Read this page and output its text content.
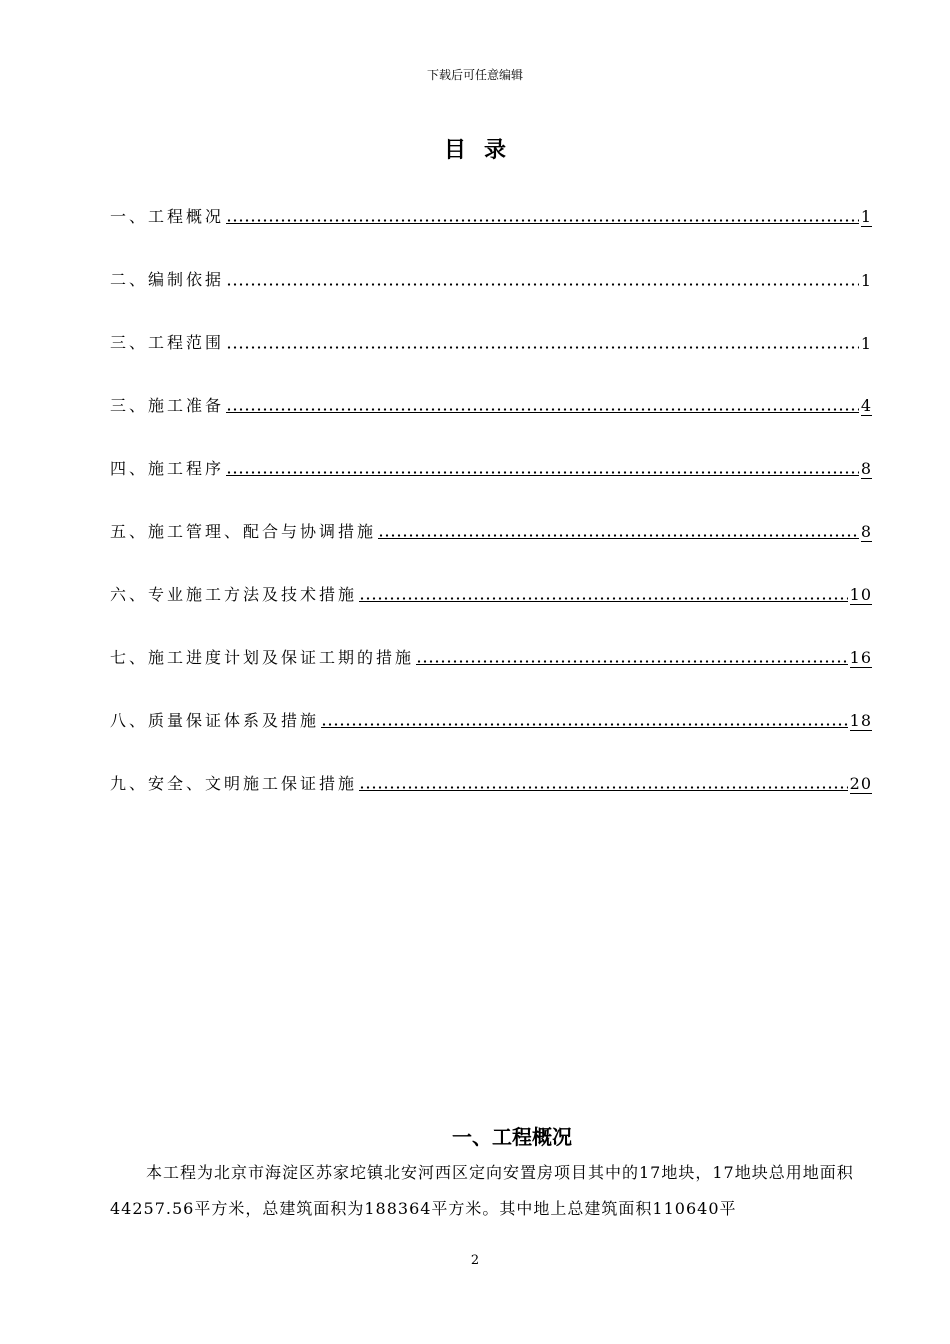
下载后可任意编辑
目录
一、工程概况	1
二、编制依据	1
三、工程范围	1
三、施工准备	4
四、施工程序	8
五、施工管理、配合与协调措施	8
六、专业施工方法及技术措施	10
七、施工进度计划及保证工期的措施	16
八、质量保证体系及措施	18
九、安全、文明施工保证措施	20
一、工程概况

本工程为北京市海淀区苏家坨镇北安河西区定向安置房项目其中的17地块，17地块总用地面积44257.56平方米，总建筑面积为188364平方米。其中地上总建筑面积110640平

2
